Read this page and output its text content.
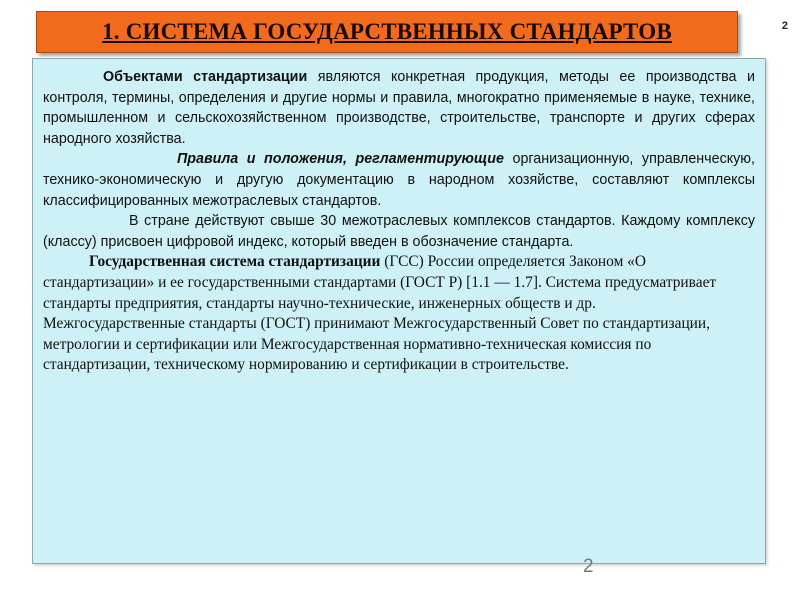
1. СИСТЕМА ГОСУДАРСТВЕННЫХ СТАНДАРТОВ	2

Объектами стандартизации являются конкретная продукция, методы ее производства и контроля, термины, определения и другие нормы и правила, многократно применяемые в науке, технике, промышленном и сельскохозяйственном производстве, строительстве, транспорте и других сферах народного хозяйства.

Правила и положения, регламентирующие организационную, управленческую, технико-экономическую и другую документацию в народном хозяйстве, составляют комплексы классифицированных межотраслевых стандартов.

В стране действуют свыше 30 межотраслевых комплексов стандартов. Каждому комплексу (классу) присвоен цифровой индекс, который введен в обозначение стандарта.

Государственная система стандартизации (ГСС) России определяется Законом «О стандартизации» и ее государственными стандартами (ГОСТ Р) [1.1 — 1.7]. Система предусматривает стандарты предприятия, стандарты научно-технические, инженерных обществ и др.

Межгосударственные стандарты (ГОСТ) принимают Межгосударственный Совет по стандартизации, метрологии и сертификации или Межгосударственная нормативно-техническая комиссия по стандартизации, техническому нормированию и сертификации в строительстве.

2
